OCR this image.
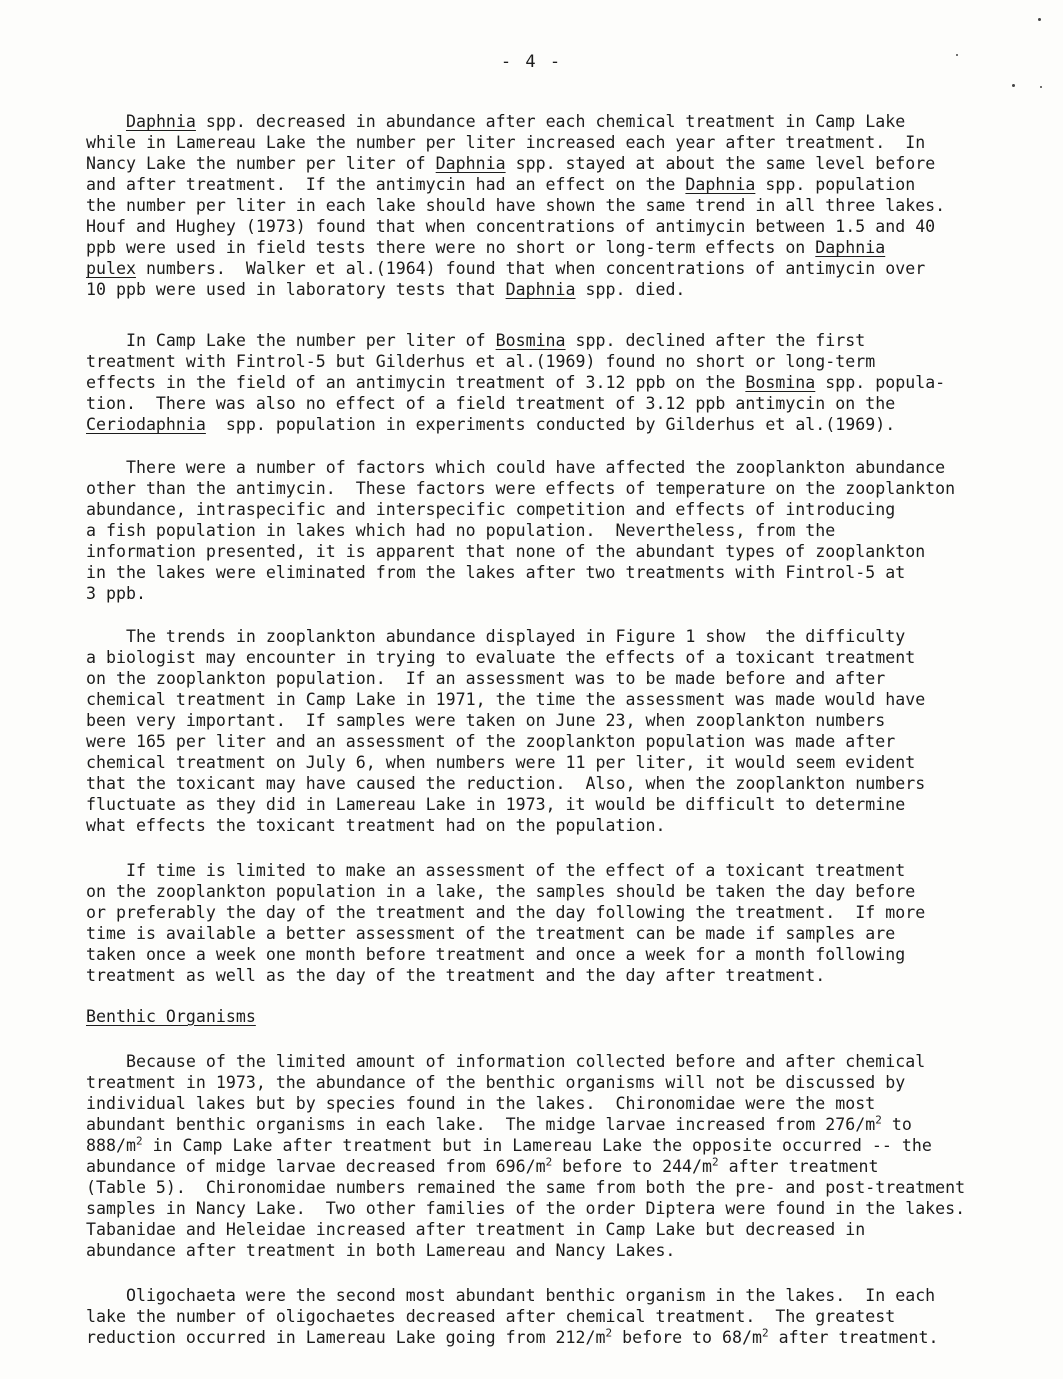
- 4 -
Daphnia spp. decreased in abundance after each chemical treatment in Camp Lake
while in Lamereau Lake the number per liter increased each year after treatment.  In
Nancy Lake the number per liter of Daphnia spp. stayed at about the same level before
and after treatment.  If the antimycin had an effect on the Daphnia spp. population
the number per liter in each lake should have shown the same trend in all three lakes.
Houf and Hughey (1973) found that when concentrations of antimycin between 1.5 and 40
ppb were used in field tests there were no short or long-term effects on Daphnia
pulex numbers.  Walker et al.(1964) found that when concentrations of antimycin over
10 ppb were used in laboratory tests that Daphnia spp. died.
In Camp Lake the number per liter of Bosmina spp. declined after the first
treatment with Fintrol-5 but Gilderhus et al.(1969) found no short or long-term
effects in the field of an antimycin treatment of 3.12 ppb on the Bosmina spp. popula-
tion.  There was also no effect of a field treatment of 3.12 ppb antimycin on the
Ceriodaphnia  spp. population in experiments conducted by Gilderhus et al.(1969).
There were a number of factors which could have affected the zooplankton abundance
other than the antimycin.  These factors were effects of temperature on the zooplankton
abundance, intraspecific and interspecific competition and effects of introducing
a fish population in lakes which had no population.  Nevertheless, from the
information presented, it is apparent that none of the abundant types of zooplankton
in the lakes were eliminated from the lakes after two treatments with Fintrol-5 at
3 ppb.
The trends in zooplankton abundance displayed in Figure 1 show  the difficulty
a biologist may encounter in trying to evaluate the effects of a toxicant treatment
on the zooplankton population.  If an assessment was to be made before and after
chemical treatment in Camp Lake in 1971, the time the assessment was made would have
been very important.  If samples were taken on June 23, when zooplankton numbers
were 165 per liter and an assessment of the zooplankton population was made after
chemical treatment on July 6, when numbers were 11 per liter, it would seem evident
that the toxicant may have caused the reduction.  Also, when the zooplankton numbers
fluctuate as they did in Lamereau Lake in 1973, it would be difficult to determine
what effects the toxicant treatment had on the population.
If time is limited to make an assessment of the effect of a toxicant treatment
on the zooplankton population in a lake, the samples should be taken the day before
or preferably the day of the treatment and the day following the treatment.  If more
time is available a better assessment of the treatment can be made if samples are
taken once a week one month before treatment and once a week for a month following
treatment as well as the day of the treatment and the day after treatment.
Benthic Organisms
Because of the limited amount of information collected before and after chemical
treatment in 1973, the abundance of the benthic organisms will not be discussed by
individual lakes but by species found in the lakes.  Chironomidae were the most
abundant benthic organisms in each lake.  The midge larvae increased from $276/m^2$ to
$888/m^2$ in Camp Lake after treatment but in Lamereau Lake the opposite occurred -- the
abundance of midge larvae decreased from $696/m^2$ before to $244/m^2$ after treatment
(Table 5).  Chironomidae numbers remained the same from both the pre- and post-treatment
samples in Nancy Lake.  Two other families of the order Diptera were found in the lakes.
Tabanidae and Heleidae increased after treatment in Camp Lake but decreased in
abundance after treatment in both Lamereau and Nancy Lakes.
Oligochaeta were the second most abundant benthic organism in the lakes.  In each
lake the number of oligochaetes decreased after chemical treatment.  The greatest
reduction occurred in Lamereau Lake going from $212/m^2$ before to $68/m^2$ after treatment.
